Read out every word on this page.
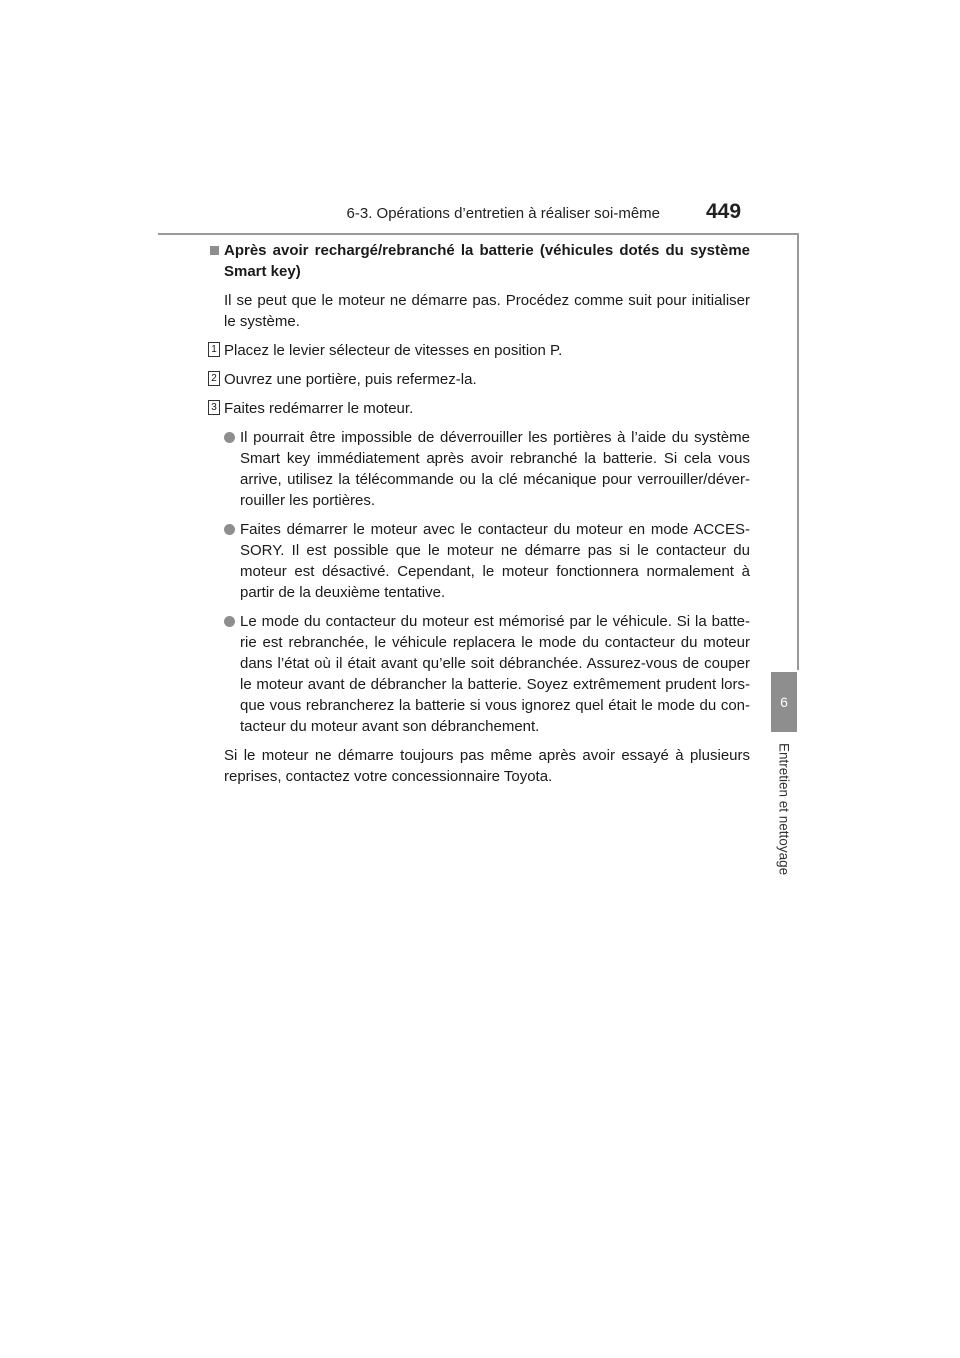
6-3. Opérations d’entretien à réaliser soi-même 449
6
Entretien et nettoyage
Après avoir rechargé/rebranché la batterie (véhicules dotés du système Smart key)

Il se peut que le moteur ne démarre pas. Procédez comme suit pour initialiser le système.

1 Placez le levier sélecteur de vitesses en position P.
2 Ouvrez une portière, puis refermez-la.
3 Faites redémarrer le moteur.
Il pourrait être impossible de déverrouiller les portières à l’aide du système Smart key immédiatement après avoir rebranché la batterie. Si cela vous arrive, utilisez la télécommande ou la clé mécanique pour verrouiller/déver-rouiller les portières.
Faites démarrer le moteur avec le contacteur du moteur en mode ACCES-SORY. Il est possible que le moteur ne démarre pas si le contacteur du moteur est désactivé. Cependant, le moteur fonctionnera normalement à partir de la deuxième tentative.
Le mode du contacteur du moteur est mémorisé par le véhicule. Si la batte-rie est rebranchée, le véhicule replacera le mode du contacteur du moteur dans l’état où il était avant qu’elle soit débranchée. Assurez-vous de couper le moteur avant de débrancher la batterie. Soyez extrêmement prudent lors-que vous rebrancherez la batterie si vous ignorez quel était le mode du con-tacteur du moteur avant son débranchement.

Si le moteur ne démarre toujours pas même après avoir essayé à plusieurs reprises, contactez votre concessionnaire Toyota.
